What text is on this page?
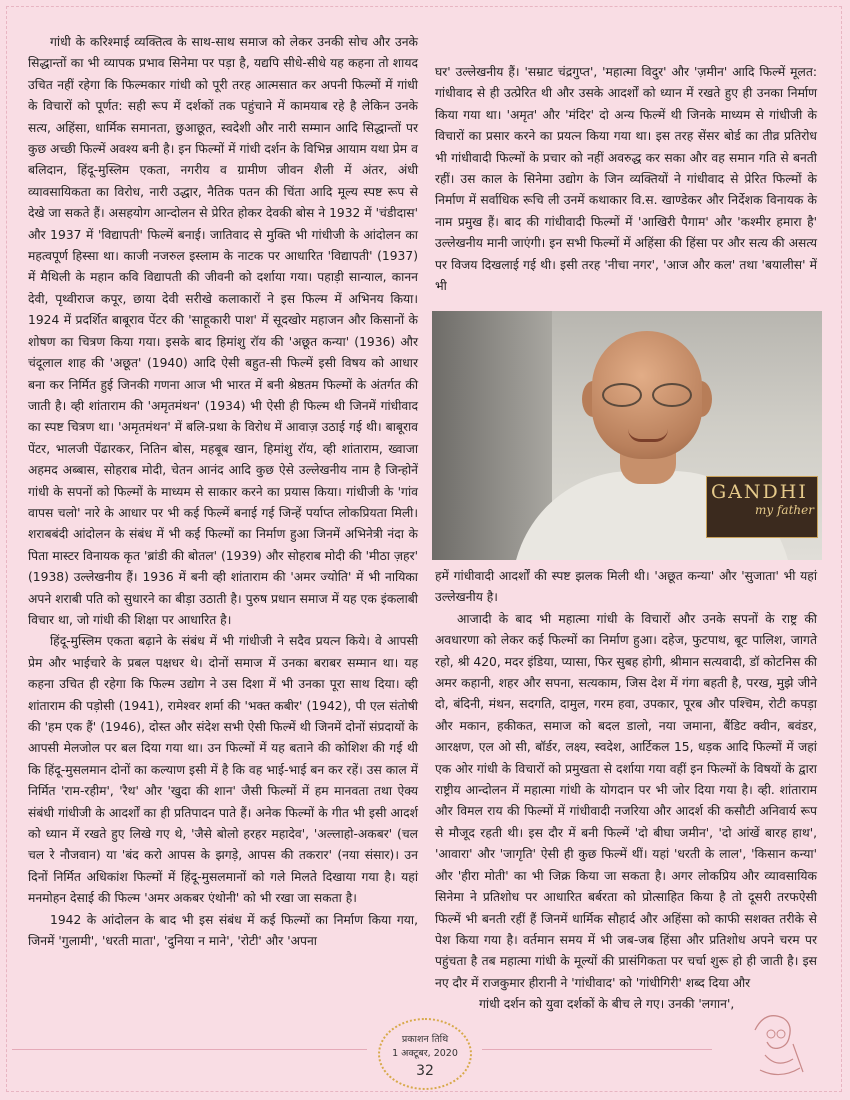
गांधी के करिश्माई व्यक्तित्व के साथ-साथ समाज को लेकर उनकी सोच और उनके सिद्धान्तों का भी व्यापक प्रभाव सिनेमा पर पड़ा है, यद्यपि सीधे-सीधे यह कहना तो शायद उचित नहीं रहेगा कि फिल्मकार गांधी को पूरी तरह आत्मसात कर अपनी फिल्मों में गांधी के विचारों को पूर्णत: सही रूप में दर्शकों तक पहुंचाने में कामयाब रहे है लेकिन उनके सत्य, अहिंसा, धार्मिक समानता, छुआछूत, स्वदेशी और नारी सम्मान आदि सिद्धान्तों पर कुछ अच्छी फिल्में अवश्य बनी है। इन फिल्मों में गांधी दर्शन के विभिन्न आयाम यथा प्रेम व बलिदान, हिंदू-मुस्लिम एकता, नगरीय व ग्रामीण जीवन शैली में अंतर, अंधी व्यावसायिकता का विरोध, नारी उद्धार, नैतिक पतन की चिंता आदि मूल्य स्पष्ट रूप से देखे जा सकते हैं। असहयोग आन्दोलन से प्रेरित होकर देवकी बोस ने 1932 में 'चंडीदास' और 1937 में 'विद्यापती' फिल्में बनाई। जातिवाद से मुक्ति भी गांधीजी के आंदोलन का महत्वपूर्ण हिस्सा था। काजी नजरुल इस्लाम के नाटक पर आधारित 'विद्यापती' (1937) में मैथिली के महान कवि विद्यापती की जीवनी को दर्शाया गया। पहाड़ी सान्याल, कानन देवी, पृथ्वीराज कपूर, छाया देवी सरीखे कलाकारों ने इस फिल्म में अभिनय किया। 1924 में प्रदर्शित बाबूराव पेंटर की 'साहूकारी पाश' में सूदखोर महाजन और किसानों के शोषण का चित्रण किया गया। इसके बाद हिमांशु रॉय की 'अछूत कन्या' (1936) और चंदूलाल शाह की 'अछूत' (1940) आदि ऐसी बहुत-सी फिल्में इसी विषय को आधार बना कर निर्मित हुई जिनकी गणना आज भी भारत में बनी श्रेष्ठतम फिल्मों के अंतर्गत की जाती है। व्ही शांताराम की 'अमृतमंथन' (1934) भी ऐसी ही फिल्म थी जिनमें गांधीवाद का स्पष्ट चित्रण था। 'अमृतमंथन' में बलि-प्रथा के विरोध में आवाज़ उठाई गई थी। बाबूराव पेंटर, भालजी पेंढारकर, नितिन बोस, महबूब खान, हिमांशु रॉय, व्ही शांताराम, ख्वाजा अहमद अब्बास, सोहराब मोदी, चेतन आनंद आदि कुछ ऐसे उल्लेखनीय नाम है जिन्होनें गांधी के सपनों को फिल्मों के माध्यम से साकार करने का प्रयास किया। गांधीजी के 'गांव वापस चलो' नारे के आधार पर भी कई फिल्में बनाई गई जिन्हें पर्याप्त लोकप्रियता मिली। शराबबंदी आंदोलन के संबंध में भी कई फिल्मों का निर्माण हुआ जिनमें अभिनेत्री नंदा के पिता मास्टर विनायक कृत 'ब्रांडी की बोतल' (1939) और सोहराब मोदी की 'मीठा ज़हर' (1938) उल्लेखनीय हैं। 1936 में बनी व्ही शांताराम की 'अमर ज्योति' में भी नायिका अपने शराबी पति को सुधारने का बीड़ा उठाती है। पुरुष प्रधान समाज में यह एक इंकलाबी विचार था, जो गांधी की शिक्षा पर आधारित है।

हिंदू-मुस्लिम एकता बढ़ाने के संबंध में भी गांधीजी ने सदैव प्रयत्न किये। वे आपसी प्रेम और भाईचारे के प्रबल पक्षधर थे। दोनों समाज में उनका बराबर सम्मान था। यह कहना उचित ही रहेगा कि फिल्म उद्योग ने उस दिशा में भी उनका पूरा साथ दिया। व्ही शांताराम की पड़ोसी (1941), रामेश्वर शर्मा की 'भक्त कबीर' (1942), पी एल संतोषी की 'हम एक हैं' (1946), दोस्त और संदेश सभी ऐसी फिल्में थी जिनमें दोनों संप्रदायों के आपसी मेलजोल पर बल दिया गया था। उन फिल्मों में यह बताने की कोशिश की गई थी कि हिंदू-मुसलमान दोनों का कल्याण इसी में है कि वह भाई-भाई बन कर रहें। उस काल में निर्मित 'राम-रहीम', 'रैथ' और 'खुदा की शान' जैसी फिल्मों में हम मानवता तथा ऐक्य संबंधी गांधीजी के आदर्शों का ही प्रतिपादन पाते हैं। अनेक फिल्मों के गीत भी इसी आदर्श को ध्यान में रखते हुए लिखे गए थे, 'जैसे बोलो हरहर महादेव', 'अल्लाहो-अकबर' (चल चल रे नौजवान) या 'बंद करो आपस के झगड़े, आपस की तकरार' (नया संसार)। उन दिनों निर्मित अधिकांश फिल्मों में हिंदू-मुसलमानों को गले मिलते दिखाया गया है। यहां मनमोहन देसाई की फिल्म 'अमर अकबर एंथोनी' को भी रखा जा सकता है।

1942 के आंदोलन के बाद भी इस संबंध में कई फिल्मों का निर्माण किया गया, जिनमें 'गुलामी', 'धरती माता', 'दुनिया न माने', 'रोटी' और 'अपना

घर' उल्लेखनीय हैं। 'सम्राट चंद्रगुप्त', 'महात्मा विदुर' और 'ज़मीन' आदि फिल्में मूलत: गांधीवाद से ही उत्प्रेरित थी और उसके आदर्शों को ध्यान में रखते हुए ही उनका निर्माण किया गया था। 'अमृत' और 'मंदिर' दो अन्य फिल्में थी जिनके माध्यम से गांधीजी के विचारों का प्रसार करने का प्रयत्न किया गया था। इस तरह सेंसर बोर्ड का तीव्र प्रतिरोध भी गांधीवादी फिल्मों के प्रचार को नहीं अवरुद्ध कर सका और वह समान गति से बनती रहीं। उस काल के सिनेमा उद्योग के जिन व्यक्तियों ने गांधीवाद से प्रेरित फिल्मों के निर्माण में सर्वाधिक रूचि ली उनमें कथाकार वि.स. खाण्डेकर और निर्देशक विनायक के नाम प्रमुख हैं। बाद की गांधीवादी फिल्मों में 'आखिरी पैगाम' और 'कश्मीर हमारा है' उल्लेखनीय मानी जाएंगी। इन सभी फिल्मों में अहिंसा की हिंसा पर और सत्य की असत्य पर विजय दिखलाई गई थी। इसी तरह 'नीचा नगर', 'आज और कल' तथा 'बयालीस' में भी

GANDHI
my father

हमें गांधीवादी आदर्शों की स्पष्ट झलक मिली थी। 'अछूत कन्या' और 'सुजाता' भी यहां उल्लेखनीय है।

आजादी के बाद भी महात्मा गांधी के विचारों और उनके सपनों के राष्ट्र की अवधारणा को लेकर कई फिल्मों का निर्माण हुआ। दहेज, फुटपाथ, बूट पालिश, जागते रहो, श्री 420, मदर इंडिया, प्यासा, फिर सुबह होगी, श्रीमान सत्यवादी, डॉ कोटनिस की अमर कहानी, शहर और सपना, सत्यकाम, जिस देश में गंगा बहती है, परख, मुझे जीने दो, बंदिनी, मंथन, सदगति, दामुल, गरम हवा, उपकार, पूरब और पश्चिम, रोटी कपड़ा और मकान, हकीकत, समाज को बदल डालो, नया जमाना, बैंडिट क्वीन, बवंडर, आरक्षण, एल ओ सी, बॉर्डर, लक्ष्य, स्वदेश, आर्टिकल 15, धड़क आदि फिल्मों में जहां एक ओर गांधी के विचारों को प्रमुखता से दर्शाया गया वहीं इन फिल्मों के विषयों के द्वारा राष्ट्रीय आन्दोलन में महात्मा गांधी के योगदान पर भी जोर दिया गया है। व्ही. शांताराम और विमल राय की फिल्मों में गांधीवादी नजरिया और आदर्श की कसौटी अनिवार्य रूप से मौजूद रहती थी। इस दौर में बनी फिल्में 'दो बीघा जमीन', 'दो आंखें बारह हाथ', 'आवारा' और 'जागृति' ऐसी ही कुछ फिल्में थीं। यहां 'धरती के लाल', 'किसान कन्या' और 'हीरा मोती' का भी जिक्र किया जा सकता है। अगर लोकप्रिय और व्यावसायिक सिनेमा ने प्रतिशोध पर आधारित बर्बरता को प्रोत्साहित किया है तो दूसरी तरफऐसी फिल्में भी बनती रहीं हैं जिनमें धार्मिक सौहार्द और अहिंसा को काफी सशक्त तरीके से पेश किया गया है। वर्तमान समय में भी जब-जब हिंसा और प्रतिशोध अपने चरम पर पहुंचता है तब महात्मा गांधी के मूल्यों की प्रासंगिकता पर चर्चा शुरू हो ही जाती है। इस नए दौर में राजकुमार हीरानी ने 'गांधीवाद' को 'गांधीगिरी' शब्द दिया और

गांधी दर्शन को युवा दर्शकों के बीच ले गए। उनकी 'लगान',

प्रकाशन तिथि
1 अक्टूबर, 2020
32
